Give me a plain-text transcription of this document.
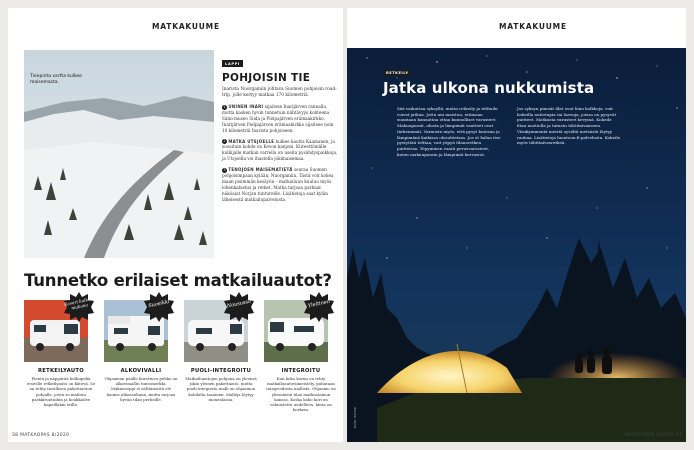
MATKAKUUME
Tienpinta vartta kulkee maisemasta.
LAPPI
POHJOISIN TIE
Inarista Nuorgamiin johtava Suomen pohjoisin road-trip, jolle kertyy matkaa 170 kilometriä.
1 UNINEN INARI sijaitsee Inarijärven rannalla, mutta kasken hyvin tunnetuin nähtävyys kohteena Sámi-museo Siida ja Pielpajärven erämaakirkko. Inarijärven Pielpajärven erämaakirkko sijaitsee noin 10 kilometriä Inarista pohjoiseen.
2 MATKA UTSJOELLE kulkee kautta Kaamanen, ja suosituin kohde on Kevon kanjoni. Kiireettömälle kulkijalle matkan varrella on useita pysähdyspaikkoja, ja Utsjoella voi ihastella jokimaisemaa.
3 TENOJOEN MAISEMATIETÄ seuraa Suomen pohjoisimpaan kylään, Nuorgamiin. Tästä voit kokea maan pisimmän kesäyön – matkailuun kuuluu myös lohenkalastus ja retket. Matka tarjoaa parhaat näköalat Norjan tuntureille. Lisätietoja saat kylän läheisestä matkailupalvelusta.
Tunnetko erilaiset matkailuautot?
Kaveri kulkee mukana
RETKEILYAUTO
Pientä ja näppärää kulkupeliä etsiville retkeilyauto on kätevä. Se on tehty tavallisen pakettiauton pohjalle, joten se mahtuu parkkiruutuihin ja koukkailee kapeillakin teillä.
Suosikki
ALKOVIVALLI
Ohjaamon päälle kurottuva pehko on alkovimallin tuntomerkki. Makuusoppi ei välttämättä ole kaunis ulkoasultaan, mutta tarjoaa hyvän tilan perheille.
Nousussa
PUOLI-INTEGROITU
Matkailuautojen pohjana on yleensä jokin yleinen pakettiauto, mutta puoli-integroitu malli on ohjaamon kohdalta tasainen. Malleja löytyy monenlaisia.
Yleltinen
INTEGROITU
Kun koko koriin on tehty matkailuautoviimeistely, puhutaan integroidusta mallista. Ohjaamo on yhtenäistä tilaa matkustamon kanssa. Koska koko kori on valmistettu uudelleen, hinta on korkein.
38 MATKAOPAS 8/2020
MATKAKUUME
RETKEILY
Jatka ulkona nukkumista
Sää vaikuttaa syksyllä, mutta retkeily ja telttailu voivat jatkua. Jotta uni maistuu, erämaan suuntaan kannattaa ottaa kunnolliset varusteet. Makuupussit, alusta ja lämpimät vaatteet ovat tärkeimmät. Varmista myös, että pysyt kuivana ja lämpimänä kaikissa olosuhteissa. Jos et halua itse pystyttää telttaa, voit yöpyä tilausretken puitteissa. Yöpyminen vaatii perusvarusteet, kuten makuupussin ja lämpimät kerrastot.
Jos syksyn pimeät illat ovat liian kolkkoja, voit kokeilla autiotupia tai laavuja, joissa on pysyvät puitteet. Matkusta varusteet kevyinä. Kokeile iltaa nuotiolla ja tutustu tähtitaivaaseen. Viisikymmentä metriä syvältä metsästä löytyy rauhaa. Lisätietoja luontoon.fi-palvelusta. Kokeile myös tähtitaivasretkeä.
KUVA: ISTOCK
MATKAOPAS 8/2020 37
